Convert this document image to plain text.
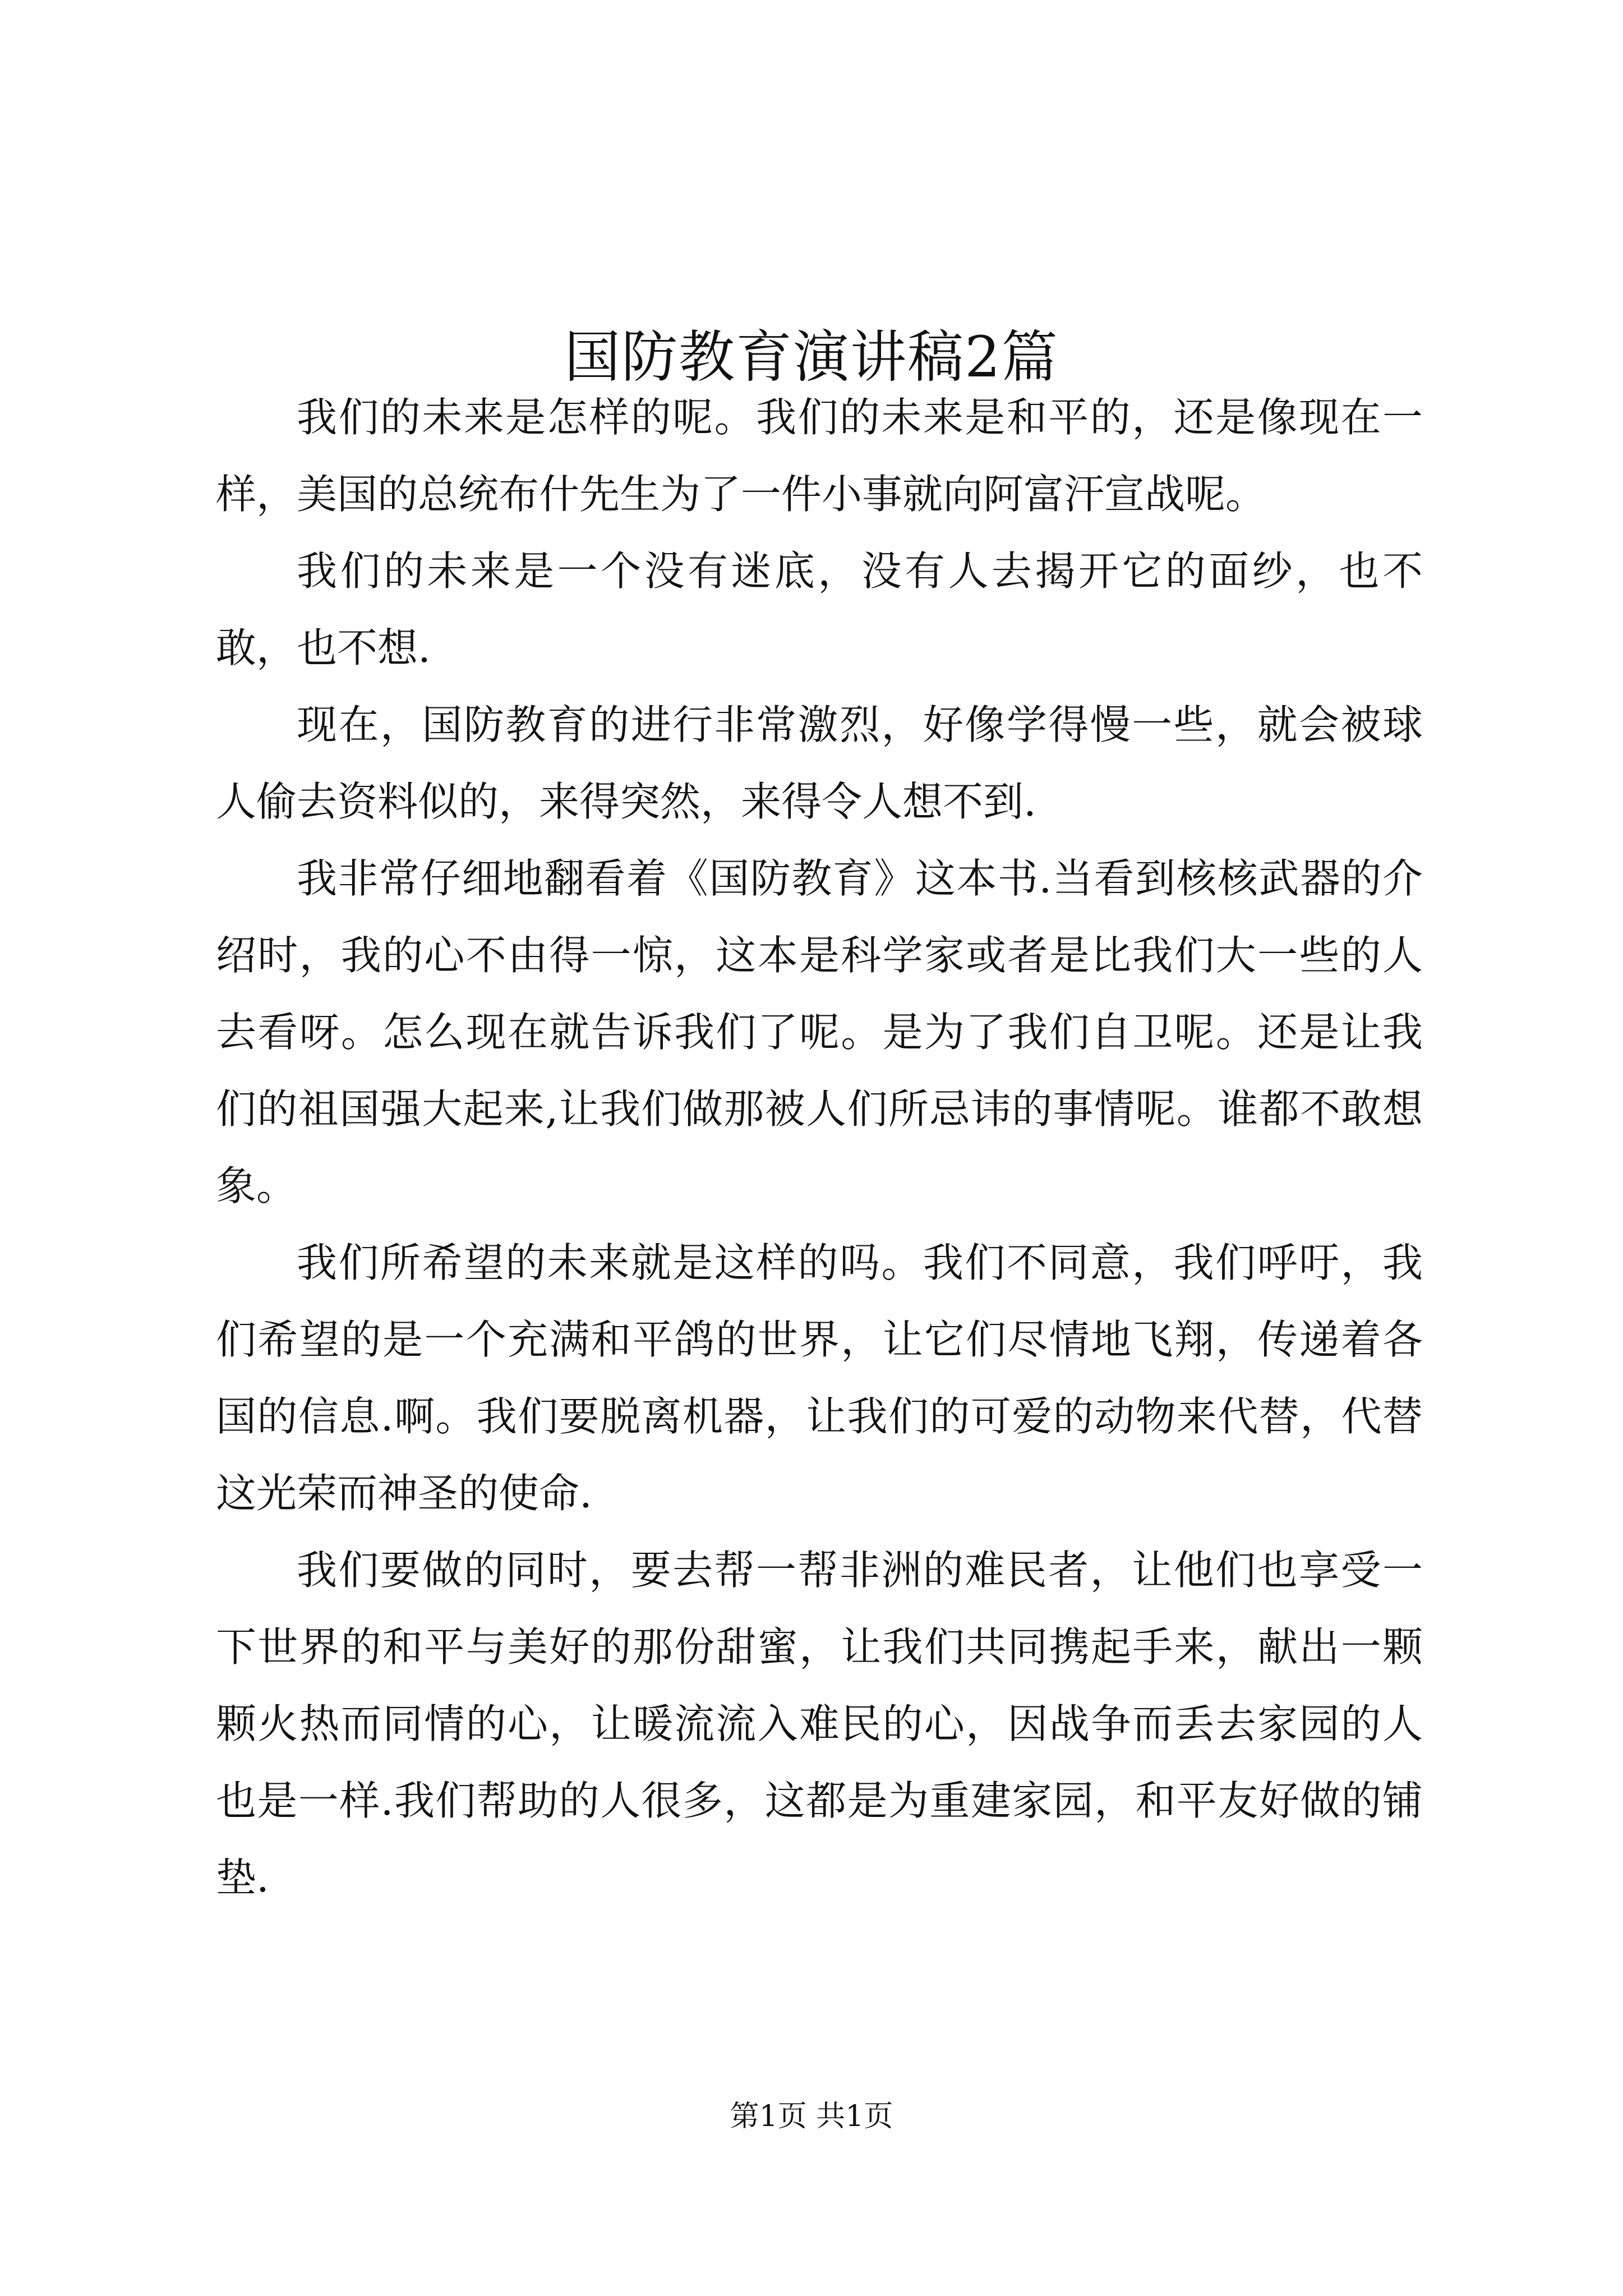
国防教育演讲稿2篇

我们的未来是怎样的呢。我们的未来是和平的，还是像现在一样，美国的总统布什先生为了一件小事就向阿富汗宣战呢。

我们的未来是一个没有迷底，没有人去揭开它的面纱，也不敢，也不想.

现在，国防教育的进行非常激烈，好像学得慢一些，就会被球人偷去资料似的，来得突然，来得令人想不到.

我非常仔细地翻看着《国防教育》这本书.当看到核核武器的介绍时，我的心不由得一惊，这本是科学家或者是比我们大一些的人去看呀。怎么现在就告诉我们了呢。是为了我们自卫呢。还是让我们的祖国强大起来,让我们做那被人们所忌讳的事情呢。谁都不敢想象。

我们所希望的未来就是这样的吗。我们不同意，我们呼吁，我们希望的是一个充满和平鸽的世界，让它们尽情地飞翔，传递着各国的信息.啊。我们要脱离机器，让我们的可爱的动物来代替，代替这光荣而神圣的使命.

我们要做的同时，要去帮一帮非洲的难民者，让他们也享受一下世界的和平与美好的那份甜蜜，让我们共同携起手来，献出一颗颗火热而同情的心，让暖流流入难民的心，因战争而丢去家园的人也是一样.我们帮助的人很多，这都是为重建家园，和平友好做的铺垫.

第1页 共1页
